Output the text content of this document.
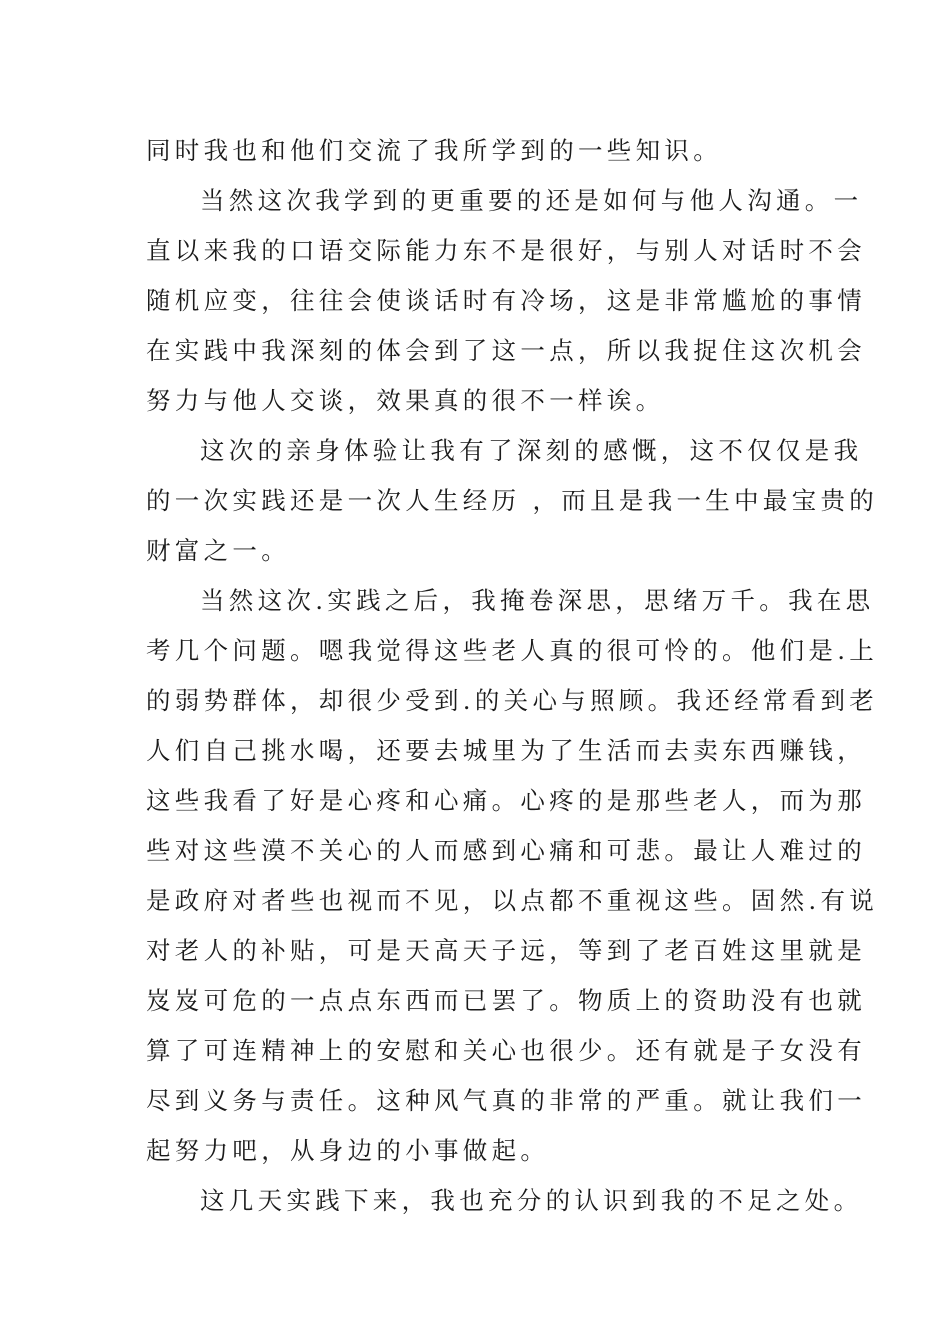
同时我也和他们交流了我所学到的一些知识。
当然这次我学到的更重要的还是如何与他人沟通。一
直以来我的口语交际能力东不是很好，与别人对话时不会
随机应变，往往会使谈话时有冷场，这是非常尴尬的事情
在实践中我深刻的体会到了这一点，所以我捉住这次机会
努力与他人交谈，效果真的很不一样诶。
这次的亲身体验让我有了深刻的感慨，这不仅仅是我
的一次实践还是一次人生经历 ，而且是我一生中最宝贵的
财富之一。
当然这次.实践之后，我掩卷深思，思绪万千。我在思
考几个问题。嗯我觉得这些老人真的很可怜的。他们是.上
的弱势群体，却很少受到.的关心与照顾。我还经常看到老
人们自己挑水喝，还要去城里为了生活而去卖东西赚钱，
这些我看了好是心疼和心痛。心疼的是那些老人，而为那
些对这些漠不关心的人而感到心痛和可悲。最让人难过的
是政府对者些也视而不见，以点都不重视这些。固然.有说
对老人的补贴，可是天高天子远，等到了老百姓这里就是
岌岌可危的一点点东西而已罢了。物质上的资助没有也就
算了可连精神上的安慰和关心也很少。还有就是子女没有
尽到义务与责任。这种风气真的非常的严重。就让我们一
起努力吧，从身边的小事做起。
这几天实践下来，我也充分的认识到我的不足之处。
